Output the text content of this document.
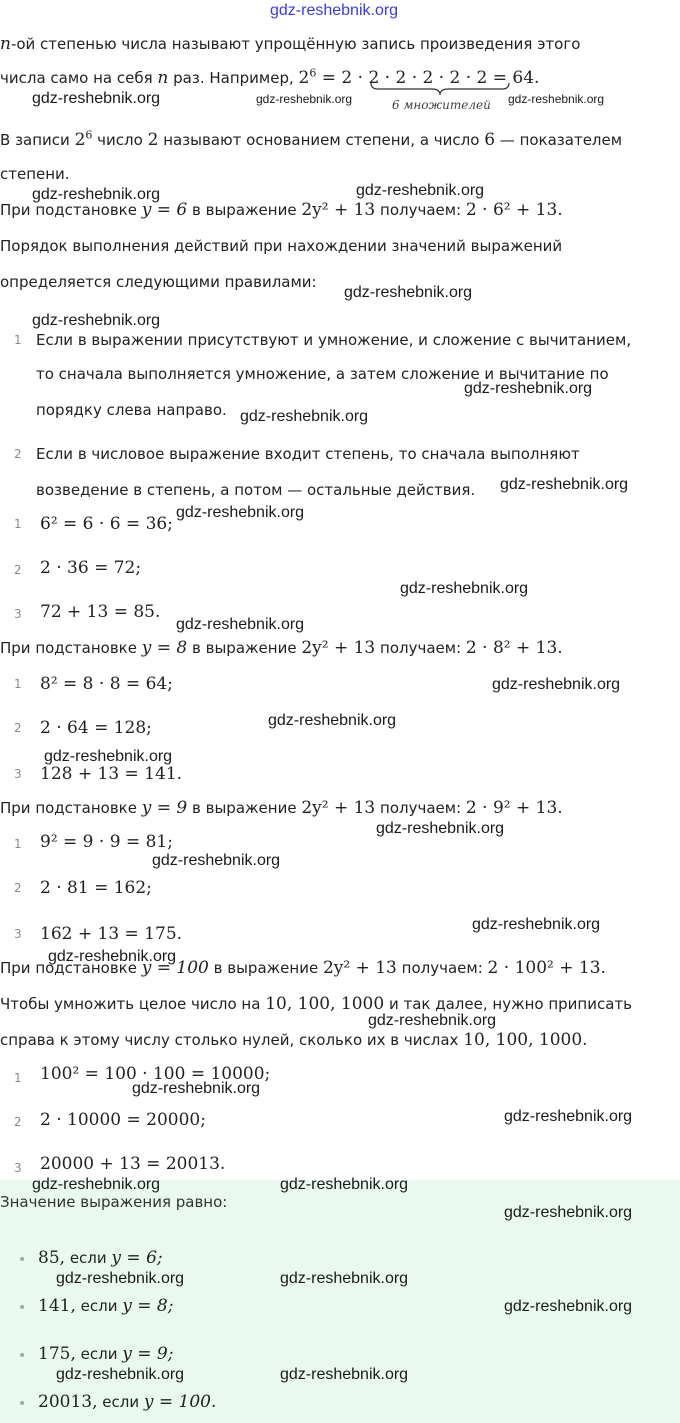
gdz-reshebnik.org
n-ой степенью числа называют упрощённую запись произведения этого
числа само на себя n раз. Например, $2^6 = 2 \cdot 2 \cdot 2 \cdot 2 \cdot 2 \cdot 2 = 64$.
6 множителей
gdz-reshebnik.org	gdz-reshebnik.org	gdz-reshebnik.org
В записи $2^6$ число 2 называют основанием степени, а число 6 — показателем
степени.
gdz-reshebnik.org	gdz-reshebnik.org
При подстановке y = 6 в выражение 2y² + 13 получаем: 2 · 6² + 13.
Порядок выполнения действий при нахождении значений выражений
определяется следующими правилами:
gdz-reshebnik.org
gdz-reshebnik.org
1 Если в выражении присутствуют и умножение, и сложение с вычитанием,
то сначала выполняется умножение, а затем сложение и вычитание по
gdz-reshebnik.org
порядку слева направо. gdz-reshebnik.org
2 Если в числовое выражение входит степень, то сначала выполняют
возведение в степень, а потом — остальные действия. gdz-reshebnik.org
1 6² = 6 · 6 = 36;
gdz-reshebnik.org
2 2 · 36 = 72;
gdz-reshebnik.org
3 72 + 13 = 85.
gdz-reshebnik.org
При подстановке y = 8 в выражение 2y² + 13 получаем: 2 · 8² + 13.
1 8² = 8 · 8 = 64;	gdz-reshebnik.org
gdz-reshebnik.org
2 2 · 64 = 128;
gdz-reshebnik.org
3 128 + 13 = 141.
При подстановке y = 9 в выражение 2y² + 13 получаем: 2 · 9² + 13.
gdz-reshebnik.org
1 9² = 9 · 9 = 81;
gdz-reshebnik.org
2 2 · 81 = 162;
gdz-reshebnik.org
3 162 + 13 = 175.
gdz-reshebnik.org
При подстановке y = 100 в выражение 2y² + 13 получаем: 2 · 100² + 13.
Чтобы умножить целое число на 10, 100, 1000 и так далее, нужно приписать
gdz-reshebnik.org
справа к этому числу столько нулей, сколько их в числах 10, 100, 1000.
1 100² = 100 · 100 = 10000;
gdz-reshebnik.org
2 2 · 10000 = 20000;	gdz-reshebnik.org
3 20000 + 13 = 20013.
gdz-reshebnik.org	gdz-reshebnik.org
Значение выражения равно:
gdz-reshebnik.org
• 85, если y = 6;
gdz-reshebnik.org	gdz-reshebnik.org
• 141, если y = 8;	gdz-reshebnik.org
• 175, если y = 9;
gdz-reshebnik.org	gdz-reshebnik.org
• 20013, если y = 100.
